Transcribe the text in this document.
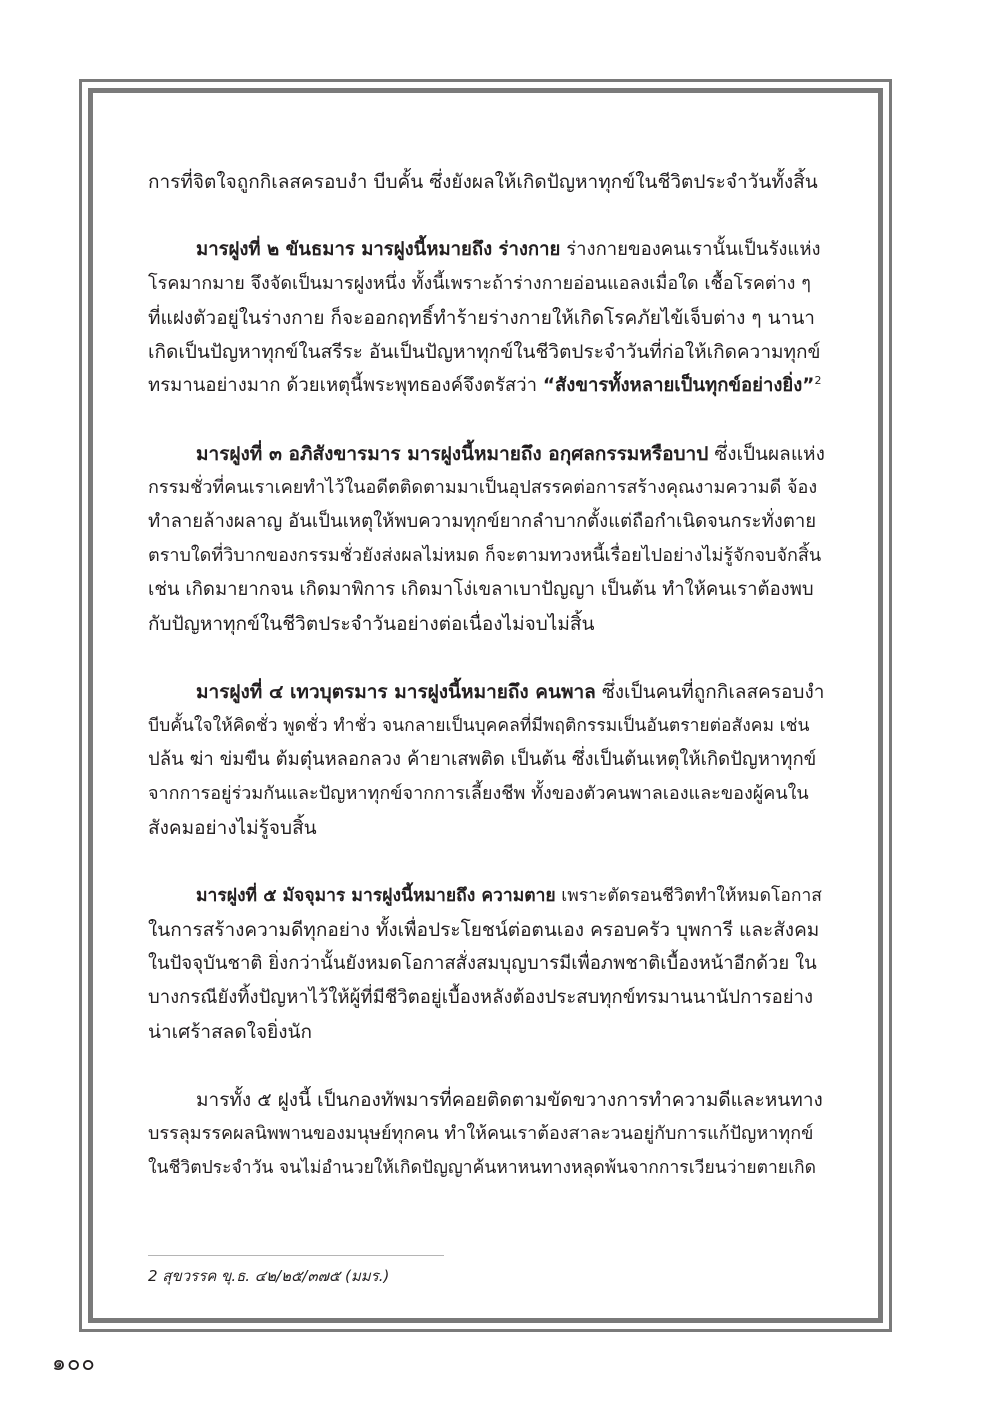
การที่จิตใจถูกกิเลสครอบงำ บีบคั้น ซึ่งยังผลให้เกิดปัญหาทุกข์ในชีวิตประจำวันทั้งสิ้น

มารฝูงที่ ๒ ขันธมาร มารฝูงนี้หมายถึง ร่างกาย ร่างกายของคนเรานั้นเป็นรังแห่ง
โรคมากมาย จึงจัดเป็นมารฝูงหนึ่ง ทั้งนี้เพราะถ้าร่างกายอ่อนแอลงเมื่อใด เชื้อโรคต่าง ๆ
ที่แฝงตัวอยู่ในร่างกาย ก็จะออกฤทธิ์ทำร้ายร่างกายให้เกิดโรคภัยไข้เจ็บต่าง ๆ นานา
เกิดเป็นปัญหาทุกข์ในสรีระ อันเป็นปัญหาทุกข์ในชีวิตประจำวันที่ก่อให้เกิดความทุกข์
ทรมานอย่างมาก ด้วยเหตุนี้พระพุทธองค์จึงตรัสว่า “สังขารทั้งหลายเป็นทุกข์อย่างยิ่ง”$^2$

มารฝูงที่ ๓ อภิสังขารมาร มารฝูงนี้หมายถึง อกุศลกรรมหรือบาป ซึ่งเป็นผลแห่ง
กรรมชั่วที่คนเราเคยทำไว้ในอดีตติดตามมาเป็นอุปสรรคต่อการสร้างคุณงามความดี จ้อง
ทำลายล้างผลาญ อันเป็นเหตุให้พบความทุกข์ยากลำบากตั้งแต่ถือกำเนิดจนกระทั่งตาย
ตราบใดที่วิบากของกรรมชั่วยังส่งผลไม่หมด ก็จะตามทวงหนี้เรื่อยไปอย่างไม่รู้จักจบจักสิ้น
เช่น เกิดมายากจน เกิดมาพิการ เกิดมาโง่เขลาเบาปัญญา เป็นต้น ทำให้คนเราต้องพบ
กับปัญหาทุกข์ในชีวิตประจำวันอย่างต่อเนื่องไม่จบไม่สิ้น

มารฝูงที่ ๔ เทวบุตรมาร มารฝูงนี้หมายถึง คนพาล ซึ่งเป็นคนที่ถูกกิเลสครอบงำ
บีบคั้นใจให้คิดชั่ว พูดชั่ว ทำชั่ว จนกลายเป็นบุคคลที่มีพฤติกรรมเป็นอันตรายต่อสังคม เช่น
ปล้น ฆ่า ข่มขืน ต้มตุ๋นหลอกลวง ค้ายาเสพติด เป็นต้น ซึ่งเป็นต้นเหตุให้เกิดปัญหาทุกข์
จากการอยู่ร่วมกันและปัญหาทุกข์จากการเลี้ยงชีพ ทั้งของตัวคนพาลเองและของผู้คนใน
สังคมอย่างไม่รู้จบสิ้น

มารฝูงที่ ๕ มัจจุมาร มารฝูงนี้หมายถึง ความตาย เพราะตัดรอนชีวิตทำให้หมดโอกาส
ในการสร้างความดีทุกอย่าง ทั้งเพื่อประโยชน์ต่อตนเอง ครอบครัว บุพการี และสังคม
ในปัจจุบันชาติ ยิ่งกว่านั้นยังหมดโอกาสสั่งสมบุญบารมีเพื่อภพชาติเบื้องหน้าอีกด้วย ใน
บางกรณียังทิ้งปัญหาไว้ให้ผู้ที่มีชีวิตอยู่เบื้องหลังต้องประสบทุกข์ทรมานนานัปการอย่าง
น่าเศร้าสลดใจยิ่งนัก

มารทั้ง ๕ ฝูงนี้ เป็นกองทัพมารที่คอยติดตามขัดขวางการทำความดีและหนทาง
บรรลุมรรคผลนิพพานของมนุษย์ทุกคน ทำให้คนเราต้องสาละวนอยู่กับการแก้ปัญหาทุกข์
ในชีวิตประจำวัน จนไม่อำนวยให้เกิดปัญญาค้นหาหนทางหลุดพ้นจากการเวียนว่ายตายเกิด

2 สุขวรรค ขุ.ธ. ๔๒/๒๕/๓๗๕ (มมร.)
๑๐๐
